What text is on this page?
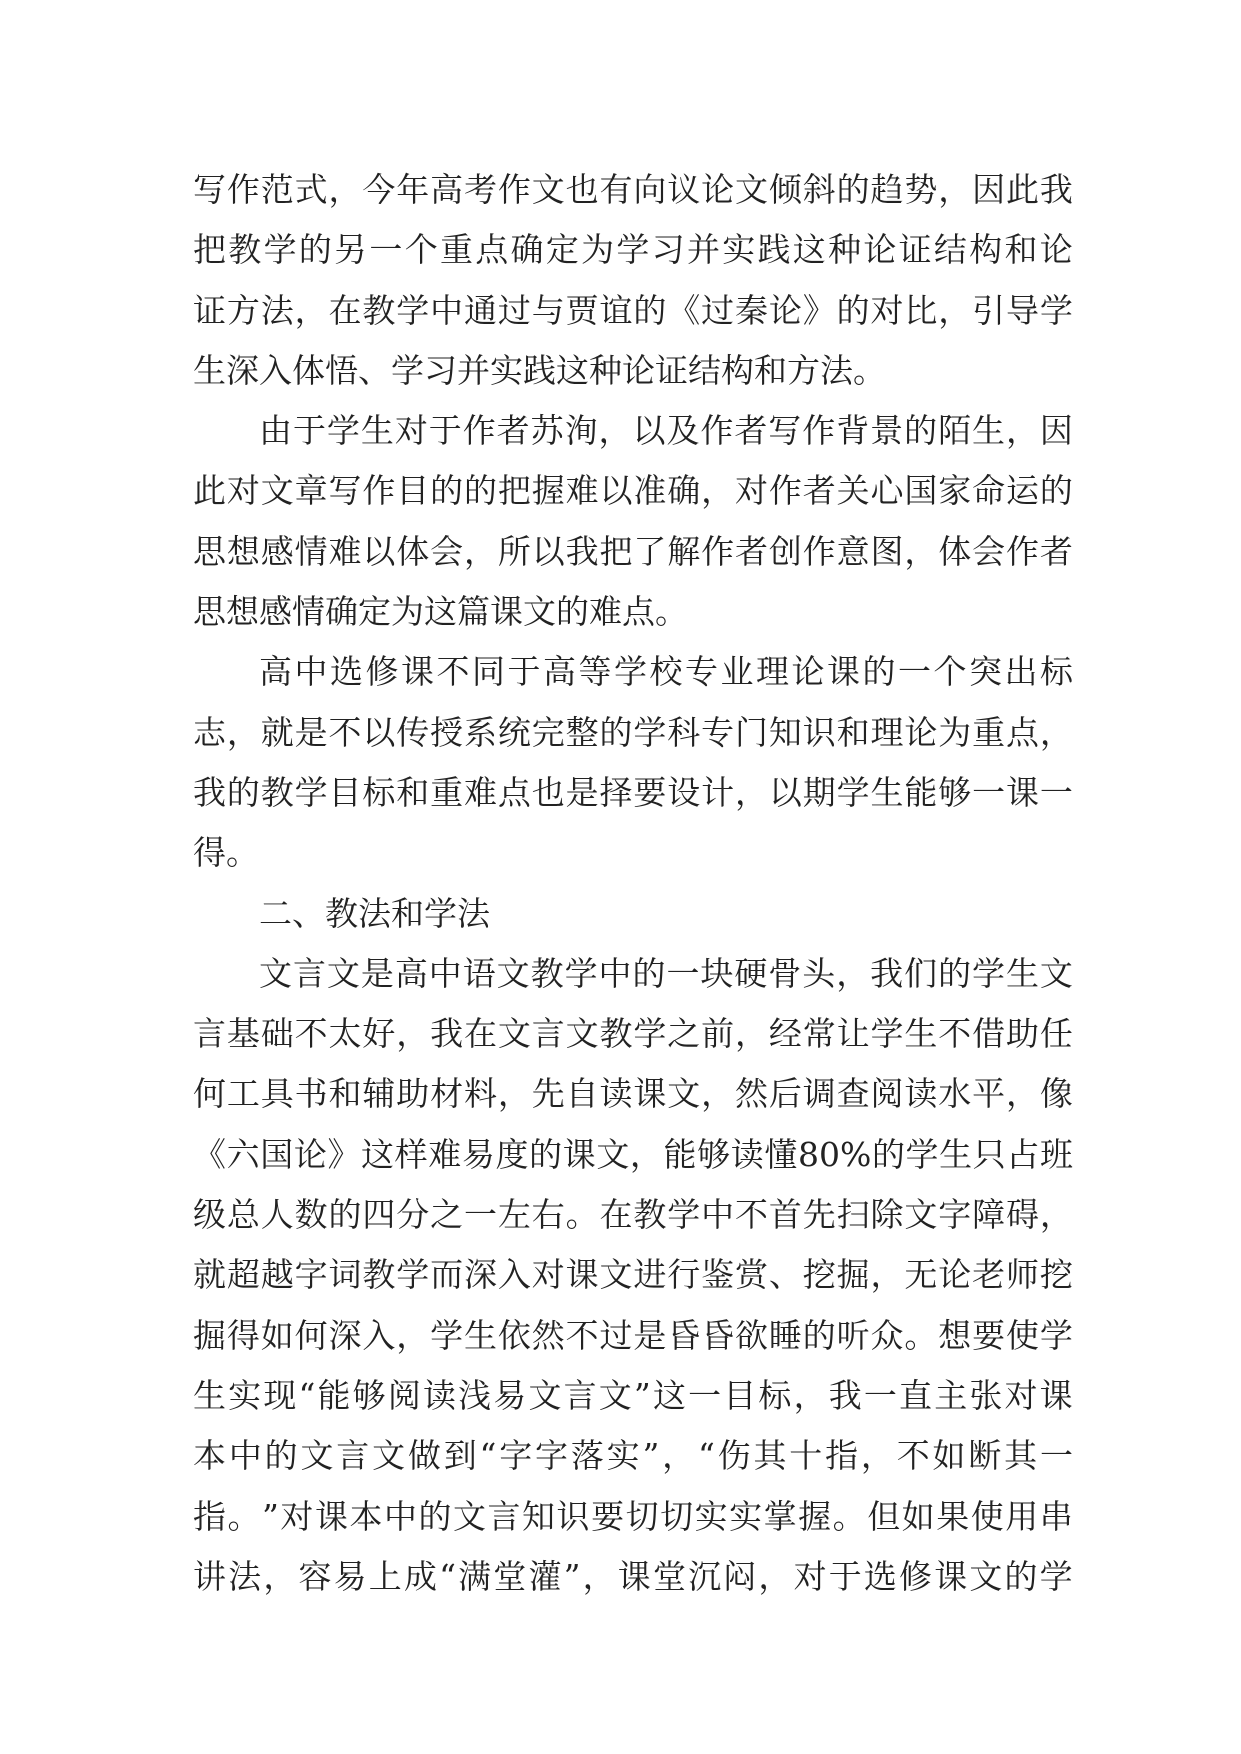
写 作 范 式 ， 今 年 高 考 作 文 也 有 向 议 论 文 倾 斜 的 趋 势 ， 因 此 我
把 教 学 的 另 一 个 重 点 确 定 为 学 习 并 实 践 这 种 论 证 结 构 和 论
证 方 法 ， 在 教 学 中 通 过 与 贾 谊 的 《 过 秦 论 》 的 对 比 ， 引 导 学
生深入体悟、学习并实践这种论证结构和方法。
由 于 学 生 对 于 作 者 苏 洵 ， 以 及 作 者 写 作 背 景 的 陌 生 ， 因
此 对 文 章 写 作 目 的 的 把 握 难 以 准 确 ， 对 作 者 关 心 国 家 命 运 的
思 想 感 情 难 以 体 会 ， 所 以 我 把 了 解 作 者 创 作 意 图 ， 体 会 作 者
思想感情确定为这篇课文的难点。
高 中 选 修 课 不 同 于 高 等 学 校 专 业 理 论 课 的 一 个 突 出 标
志 ， 就 是 不 以 传 授 系 统 完 整 的 学 科 专 门 知 识 和 理 论 为 重 点 ，
我 的 教 学 目 标 和 重 难 点 也 是 择 要 设 计 ， 以 期 学 生 能 够 一 课 一
得。
二、教法和学法
文 言 文 是 高 中 语 文 教 学 中 的 一 块 硬 骨 头 ， 我 们 的 学 生 文
言 基 础 不 太 好 ， 我 在 文 言 文 教 学 之 前 ， 经 常 让 学 生 不 借 助 任
何 工 具 书 和 辅 助 材 料 ， 先 自 读 课 文 ， 然 后 调 查 阅 读 水 平 ， 像
《 六 国 论 》 这 样 难 易 度 的 课 文 ， 能 够 读 懂 80% 的 学 生 只 占 班
级 总 人 数 的 四 分 之 一 左 右 。 在 教 学 中 不 首 先 扫 除 文 字 障 碍 ，
就 超 越 字 词 教 学 而 深 入 对 课 文 进 行 鉴 赏 、 挖 掘 ， 无 论 老 师 挖
掘 得 如 何 深 入 ， 学 生 依 然 不 过 是 昏 昏 欲 睡 的 听 众 。 想 要 使 学
生 实 现 “ 能 够 阅 读 浅 易 文 言 文 ” 这 一 目 标 ， 我 一 直 主 张 对 课
本 中 的 文 言 文 做 到 “ 字 字 落 实 ” ， “ 伤 其 十 指 ， 不 如 断 其 一
指 。 ” 对 课 本 中 的 文 言 知 识 要 切 切 实 实 掌 握 。 但 如 果 使 用 串
讲 法 ， 容 易 上 成 “ 满 堂 灌 ” ， 课 堂 沉 闷 ， 对 于 选 修 课 文 的 学
